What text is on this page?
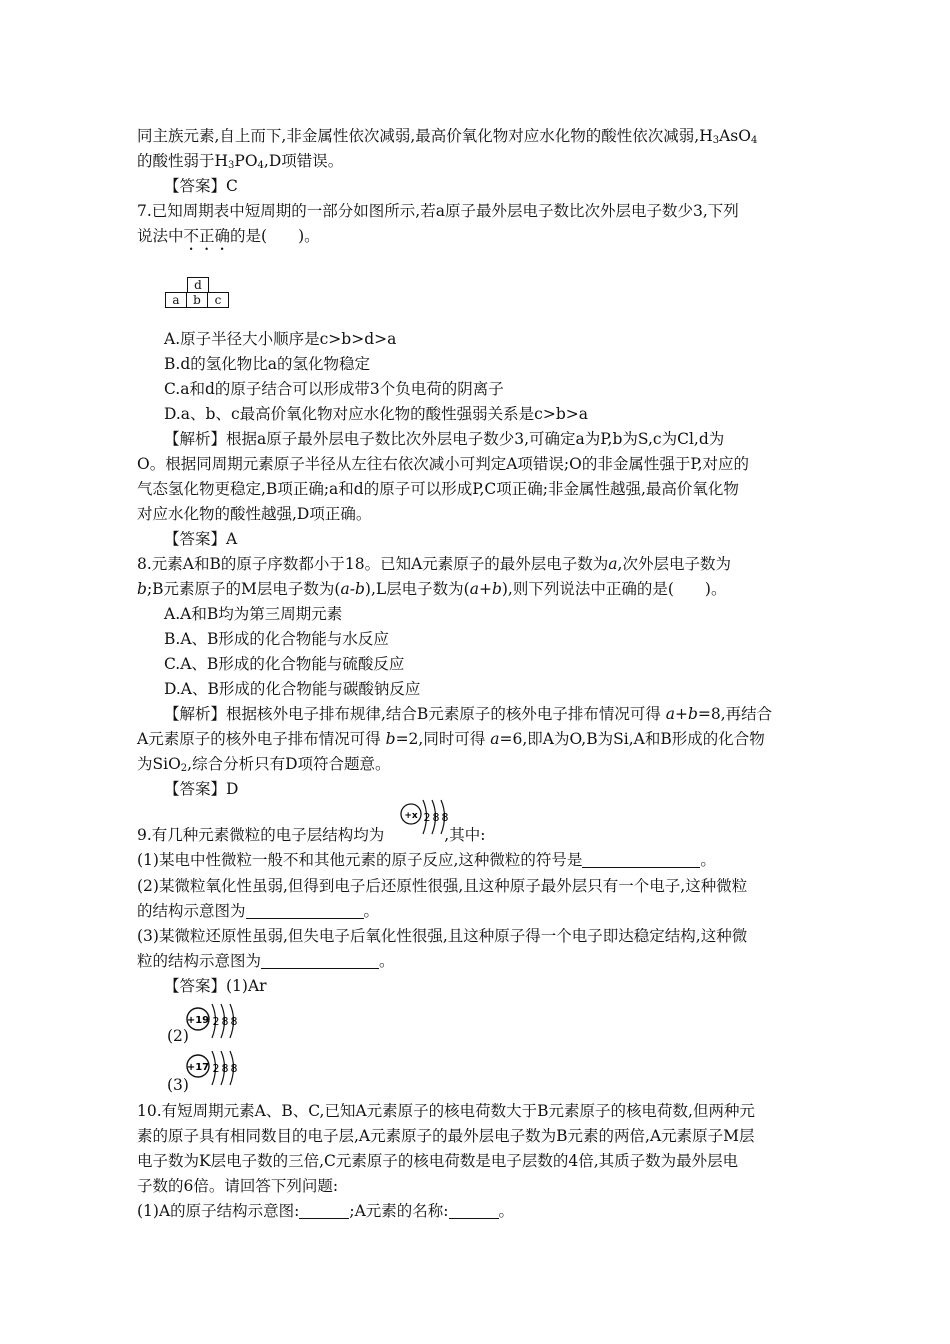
同主族元素,自上而下,非金属性依次减弱,最高价氧化物对应水化物的酸性依次减弱$,H_3AsO_4$
的酸性弱于$H_3PO_4,D$项错误。
【答案】C
7.已知周期表中短周期的一部分如图所示,若a原子最外层电子数比次外层电子数少3,下列
说法中不正确的是(　　)。
d
a	b	c
A.原子半径大小顺序是c>b>d>a
B.d的氢化物比a的氢化物稳定
C.a和d的原子结合可以形成带3个负电荷的阴离子
D.a、b、c最高价氧化物对应水化物的酸性强弱关系是c>b>a
【解析】根据a原子最外层电子数比次外层电子数少3,可确定a为P,b为S,c为Cl,d为
O。根据同周期元素原子半径从左往右依次减小可判定A项错误;O的非金属性强于P,对应的
气态氢化物更稳定,B项正确;a和d的原子可以形成P,C项正确;非金属性越强,最高价氧化物
对应水化物的酸性越强,D项正确。
【答案】A
8.元素A和B的原子序数都小于18。已知A元素原子的最外层电子数为a,次外层电子数为
b;B元素原子的M层电子数为(a-b),L层电子数为(a+b),则下列说法中正确的是(　　)。
A.A和B均为第三周期元素
B.A、B形成的化合物能与水反应
C.A、B形成的化合物能与硫酸反应
D.A、B形成的化合物能与碳酸钠反应
【解析】根据核外电子排布规律,结合B元素原子的核外电子排布情况可得 a+b=8,再结合
A元素原子的核外电子排布情况可得 b=2,同时可得 a=6,即A为O,B为Si,A和B形成的化合物
为SiO$_2$,综合分析只有D项符合题意。
【答案】D
9.有几种元素微粒的电子层结构均为	,其中:
+x 2 8 8
(1)某电中性微粒一般不和其他元素的原子反应,这种微粒的符号是	。
(2)某微粒氧化性虽弱,但得到电子后还原性很强,且这种原子最外层只有一个电子,这种微粒
的结构示意图为	。
(3)某微粒还原性虽弱,但失电子后氧化性很强,且这种原子得一个电子即达稳定结构,这种微
粒的结构示意图为	。
【答案】(1)Ar
(2)
+19 2 8 8
(3)
+17 2 8 8
10.有短周期元素A、B、C,已知A元素原子的核电荷数大于B元素原子的核电荷数,但两种元
素的原子具有相同数目的电子层,A元素原子的最外层电子数为B元素的两倍,A元素原子M层
电子数为K层电子数的三倍,C元素原子的核电荷数是电子层数的4倍,其质子数为最外层电
子数的6倍。请回答下列问题:
(1)A的原子结构示意图:	;A元素的名称:	。
